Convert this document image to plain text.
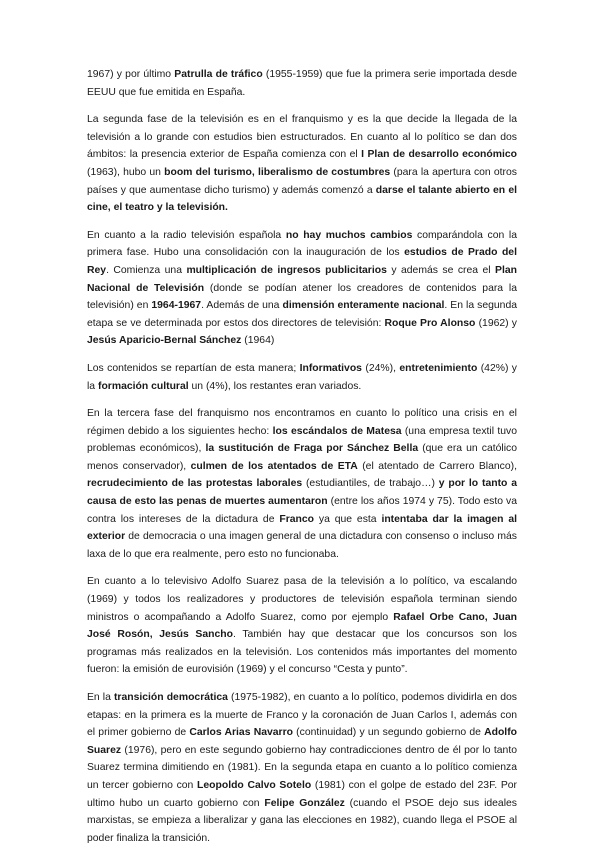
1967) y por último Patrulla de tráfico (1955-1959) que fue la primera serie importada desde EEUU que fue emitida en España.

La segunda fase de la televisión es en el franquismo y es la que decide la llegada de la televisión a lo grande con estudios bien estructurados. En cuanto al lo político se dan dos ámbitos: la presencia exterior de España comienza con el I Plan de desarrollo económico (1963), hubo un boom del turismo, liberalismo de costumbres (para la apertura con otros países y que aumentase dicho turismo) y además comenzó a darse el talante abierto en el cine, el teatro y la televisión.

En cuanto a la radio televisión española no hay muchos cambios comparándola con la primera fase. Hubo una consolidación con la inauguración de los estudios de Prado del Rey. Comienza una multiplicación de ingresos publicitarios y además se crea el Plan Nacional de Televisión (donde se podían atener los creadores de contenidos para la televisión) en 1964-1967. Además de una dimensión enteramente nacional. En la segunda etapa se ve determinada por estos dos directores de televisión: Roque Pro Alonso (1962) y Jesús Aparicio-Bernal Sánchez (1964)

Los contenidos se repartían de esta manera; Informativos (24%), entretenimiento (42%) y la formación cultural un (4%), los restantes eran variados.

En la tercera fase del franquismo nos encontramos en cuanto lo político una crisis en el régimen debido a los siguientes hecho: los escándalos de Matesa (una empresa textil tuvo problemas económicos), la sustitución de Fraga por Sánchez Bella (que era un católico menos conservador), culmen de los atentados de ETA (el atentado de Carrero Blanco), recrudecimiento de las protestas laborales (estudiantiles, de trabajo…) y por lo tanto a causa de esto las penas de muertes aumentaron (entre los años 1974 y 75). Todo esto va contra los intereses de la dictadura de Franco ya que esta intentaba dar la imagen al exterior de democracia o una imagen general de una dictadura con consenso o incluso más laxa de lo que era realmente, pero esto no funcionaba.

En cuanto a lo televisivo Adolfo Suarez pasa de la televisión a lo político, va escalando (1969) y todos los realizadores y productores de televisión española terminan siendo ministros o acompañando a Adolfo Suarez, como por ejemplo Rafael Orbe Cano, Juan José Rosón, Jesús Sancho. También hay que destacar que los concursos son los programas más realizados en la televisión. Los contenidos más importantes del momento fueron: la emisión de eurovisión (1969) y el concurso “Cesta y punto”.

En la transición democrática (1975-1982), en cuanto a lo político, podemos dividirla en dos etapas: en la primera es la muerte de Franco y la coronación de Juan Carlos I, además con el primer gobierno de Carlos Arias Navarro (continuidad) y un segundo gobierno de Adolfo Suarez (1976), pero en este segundo gobierno hay contradicciones dentro de él por lo tanto Suarez termina dimitiendo en (1981). En la segunda etapa en cuanto a lo político comienza un tercer gobierno con Leopoldo Calvo Sotelo (1981) con el golpe de estado del 23F. Por ultimo hubo un cuarto gobierno con Felipe González (cuando el PSOE dejo sus ideales marxistas, se empieza a liberalizar y gana las elecciones en 1982), cuando llega el PSOE al poder finaliza la transición.
